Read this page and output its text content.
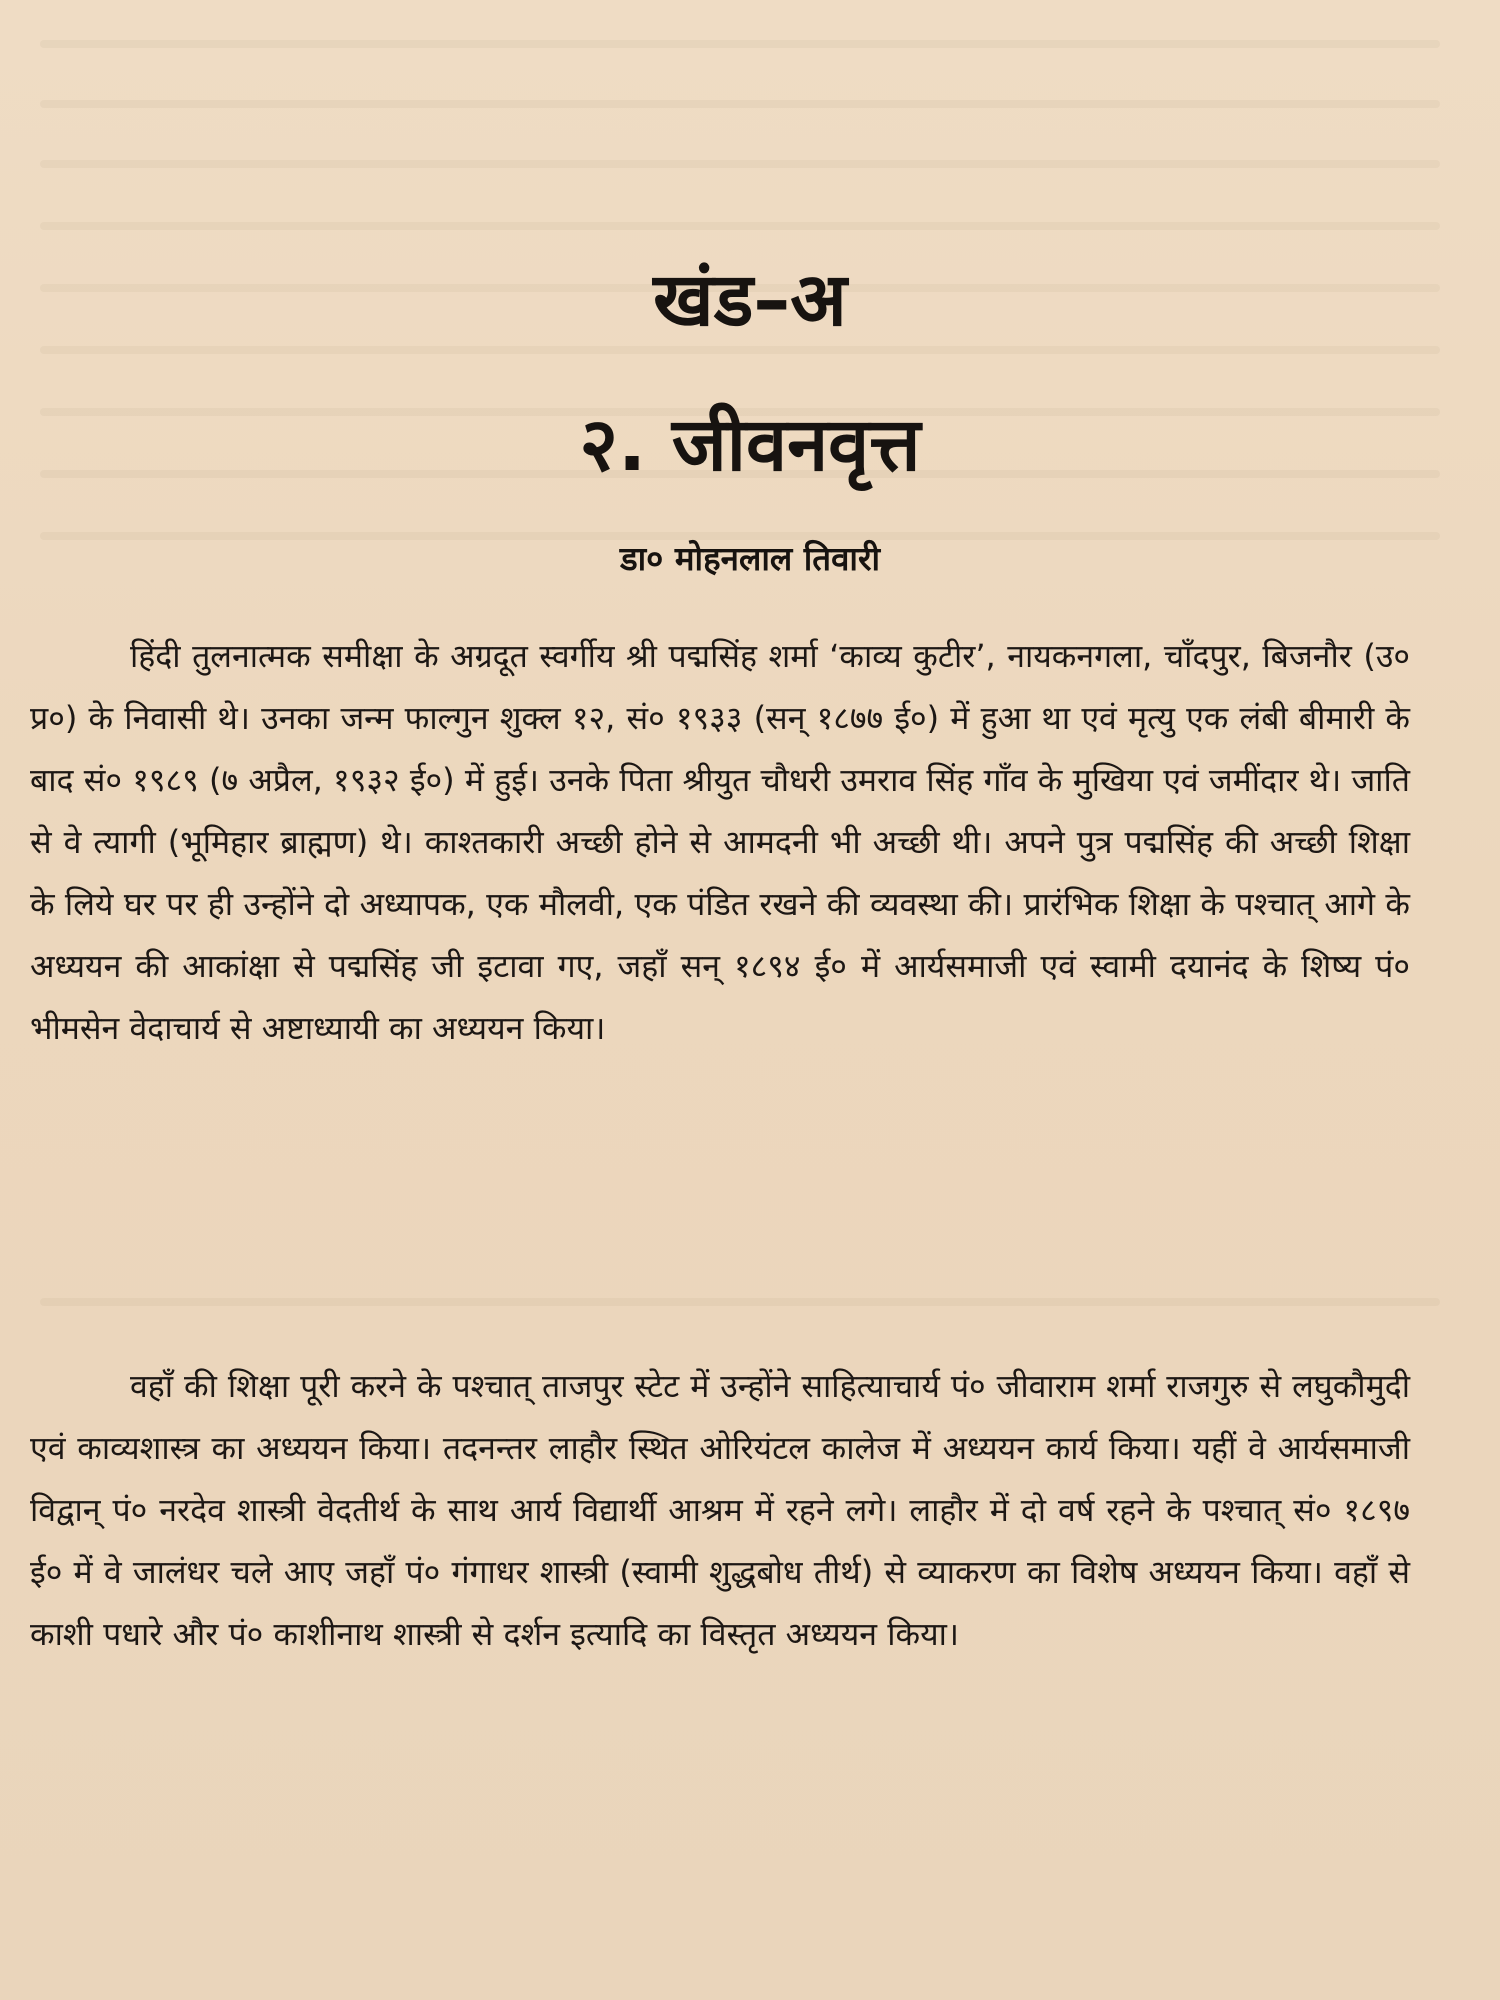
खंड–अ
२. जीवनवृत्त
डा० मोहनलाल तिवारी

हिंदी तुलनात्मक समीक्षा के अग्रदूत स्वर्गीय श्री पद्मसिंह शर्मा ‘काव्य कुटीर’, नायकनगला, चाँदपुर, बिजनौर (उ० प्र०) के निवासी थे। उनका जन्म फाल्गुन शुक्ल १२, सं० १९३३ (सन् १८७७ ई०) में हुआ था एवं मृत्यु एक लंबी बीमारी के बाद सं० १९८९ (७ अप्रैल, १९३२ ई०) में हुई। उनके पिता श्रीयुत चौधरी उमराव सिंह गाँव के मुखिया एवं जमींदार थे। जाति से वे त्यागी (भूमिहार ब्राह्मण) थे। काश्तकारी अच्छी होने से आमदनी भी अच्छी थी। अपने पुत्र पद्मसिंह की अच्छी शिक्षा के लिये घर पर ही उन्होंने दो अध्यापक, एक मौलवी, एक पंडित रखने की व्यवस्था की। प्रारंभिक शिक्षा के पश्चात् आगे के अध्ययन की आकांक्षा से पद्मसिंह जी इटावा गए, जहाँ सन् १८९४ ई० में आर्यसमाजी एवं स्वामी दयानंद के शिष्य पं० भीमसेन वेदाचार्य से अष्टाध्यायी का अध्ययन किया।

वहाँ की शिक्षा पूरी करने के पश्चात् ताजपुर स्टेट में उन्होंने साहित्याचार्य पं० जीवाराम शर्मा राजगुरु से लघुकौमुदी एवं काव्यशास्त्र का अध्ययन किया। तदनन्तर लाहौर स्थित ओरियंटल कालेज में अध्ययन कार्य किया। यहीं वे आर्यसमाजी विद्वान् पं० नरदेव शास्त्री वेदतीर्थ के साथ आर्य विद्यार्थी आश्रम में रहने लगे। लाहौर में दो वर्ष रहने के पश्चात् सं० १८९७ ई० में वे जालंधर चले आए जहाँ पं० गंगाधर शास्त्री (स्वामी शुद्धबोध तीर्थ) से व्याकरण का विशेष अध्ययन किया। वहाँ से काशी पधारे और पं० काशीनाथ शास्त्री से दर्शन इत्यादि का विस्तृत अध्ययन किया।
